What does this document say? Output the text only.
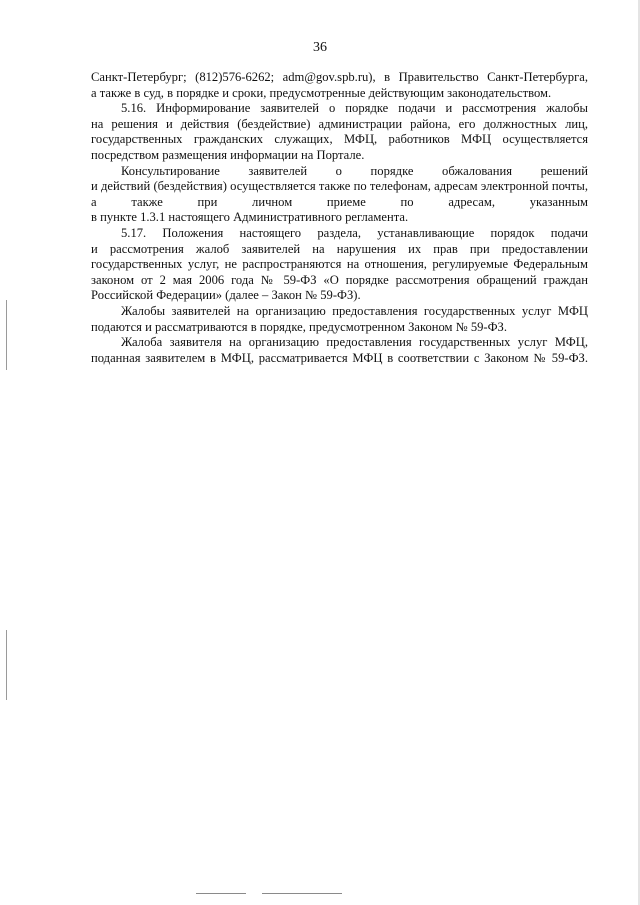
36

Санкт-Петербург; (812)576-6262; adm@gov.spb.ru), в Правительство Санкт-Петербурга,
а также в суд, в порядке и сроки, предусмотренные действующим законодательством.

5.16. Информирование заявителей о порядке подачи и рассмотрения жалобы
на решения и действия (бездействие) администрации района, его должностных лиц,
государственных гражданских служащих, МФЦ, работников МФЦ осуществляется
посредством размещения информации на Портале.

Консультирование заявителей о порядке обжалования решений
и действий (бездействия) осуществляется также по телефонам, адресам электронной почты,
а также при личном приеме по адресам, указанным
в пункте 1.3.1 настоящего Административного регламента.

5.17. Положения настоящего раздела, устанавливающие порядок подачи
и рассмотрения жалоб заявителей на нарушения их прав при предоставлении
государственных услуг, не распространяются на отношения, регулируемые Федеральным
законом от 2 мая 2006 года № 59-ФЗ «О порядке рассмотрения обращений граждан
Российской Федерации» (далее – Закон № 59-ФЗ).

Жалобы заявителей на организацию предоставления государственных услуг МФЦ
подаются и рассматриваются в порядке, предусмотренном Законом № 59-ФЗ.

Жалоба заявителя на организацию предоставления государственных услуг МФЦ,
поданная заявителем в МФЦ, рассматривается МФЦ в соответствии с Законом № 59-ФЗ.
